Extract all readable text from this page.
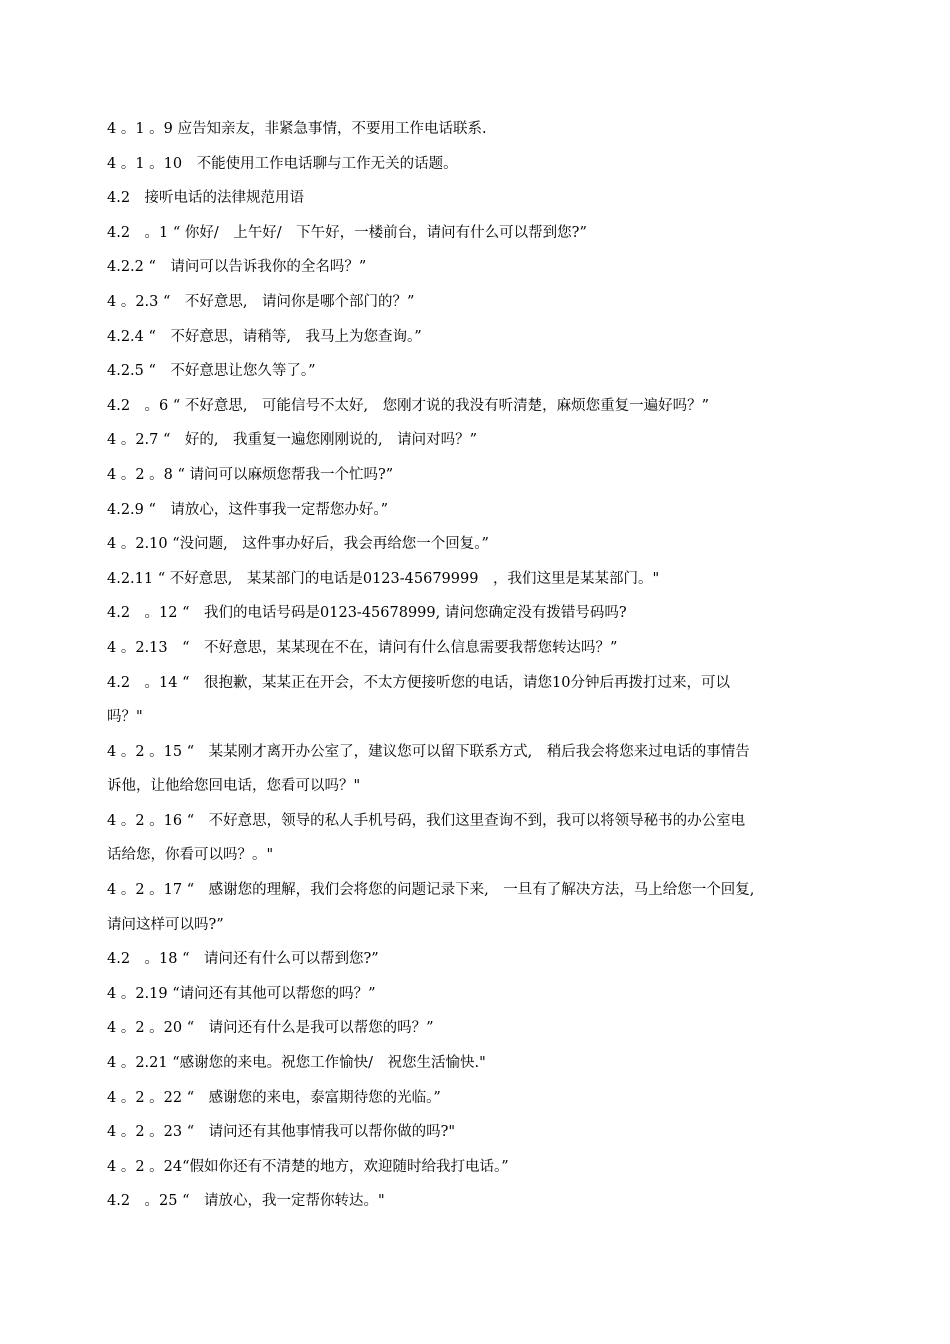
4 。1 。9 应告知亲友，非紧急事情，不要用工作电话联系.
4 。1 。10　不能使用工作电话聊与工作无关的话题。
4.2　接听电话的法律规范用语
4.2　。1 “ 你好/　上午好/　下午好，一楼前台，请问有什么可以帮到您?”
4.2.2 “　请问可以告诉我你的全名吗？”
4 。2.3 “　不好意思,　请问你是哪个部门的？”
4.2.4 “　不好意思，请稍等,　我马上为您查询。”
4.2.5 “　不好意思让您久等了。”
4.2　。6 “ 不好意思,　可能信号不太好,　您刚才说的我没有听清楚，麻烦您重复一遍好吗？”
4 。2.7 “　好的,　我重复一遍您刚刚说的,　请问对吗？”
4 。2 。8 “ 请问可以麻烦您帮我一个忙吗?”
4.2.9 “　请放心，这件事我一定帮您办好。”
4 。2.10 “没问题,　这件事办好后，我会再给您一个回复。”
4.2.11 “ 不好意思,　某某部门的电话是0123-45679999　，我们这里是某某部门。"
4.2　。12 “　我们的电话号码是0123-45678999, 请问您确定没有拨错号码吗?
4 。2.13　“　不好意思，某某现在不在，请问有什么信息需要我帮您转达吗？”
4.2　。14 “　很抱歉，某某正在开会，不太方便接听您的电话，请您10分钟后再拨打过来，可以
吗？"
4 。2 。15 “　某某刚才离开办公室了，建议您可以留下联系方式,　稍后我会将您来过电话的事情告
诉他，让他给您回电话，您看可以吗？"
4 。2 。16 “　不好意思，领导的私人手机号码，我们这里查询不到，我可以将领导秘书的办公室电
话给您，你看可以吗？。"
4 。2 。17 “　感谢您的理解，我们会将您的问题记录下来,　一旦有了解决方法，马上给您一个回复,
请问这样可以吗?”
4.2　。18 “　请问还有什么可以帮到您?”
4 。2.19 “请问还有其他可以帮您的吗？”
4 。2 。20 “　请问还有什么是我可以帮您的吗？”
4 。2.21 “感谢您的来电。祝您工作愉快/　祝您生活愉快."
4 。2 。22 “　感谢您的来电，泰富期待您的光临。”
4 。2 。23 “　请问还有其他事情我可以帮你做的吗?"
4 。2 。24“假如你还有不清楚的地方，欢迎随时给我打电话。”
4.2　。25 “　请放心，我一定帮你转达。"
